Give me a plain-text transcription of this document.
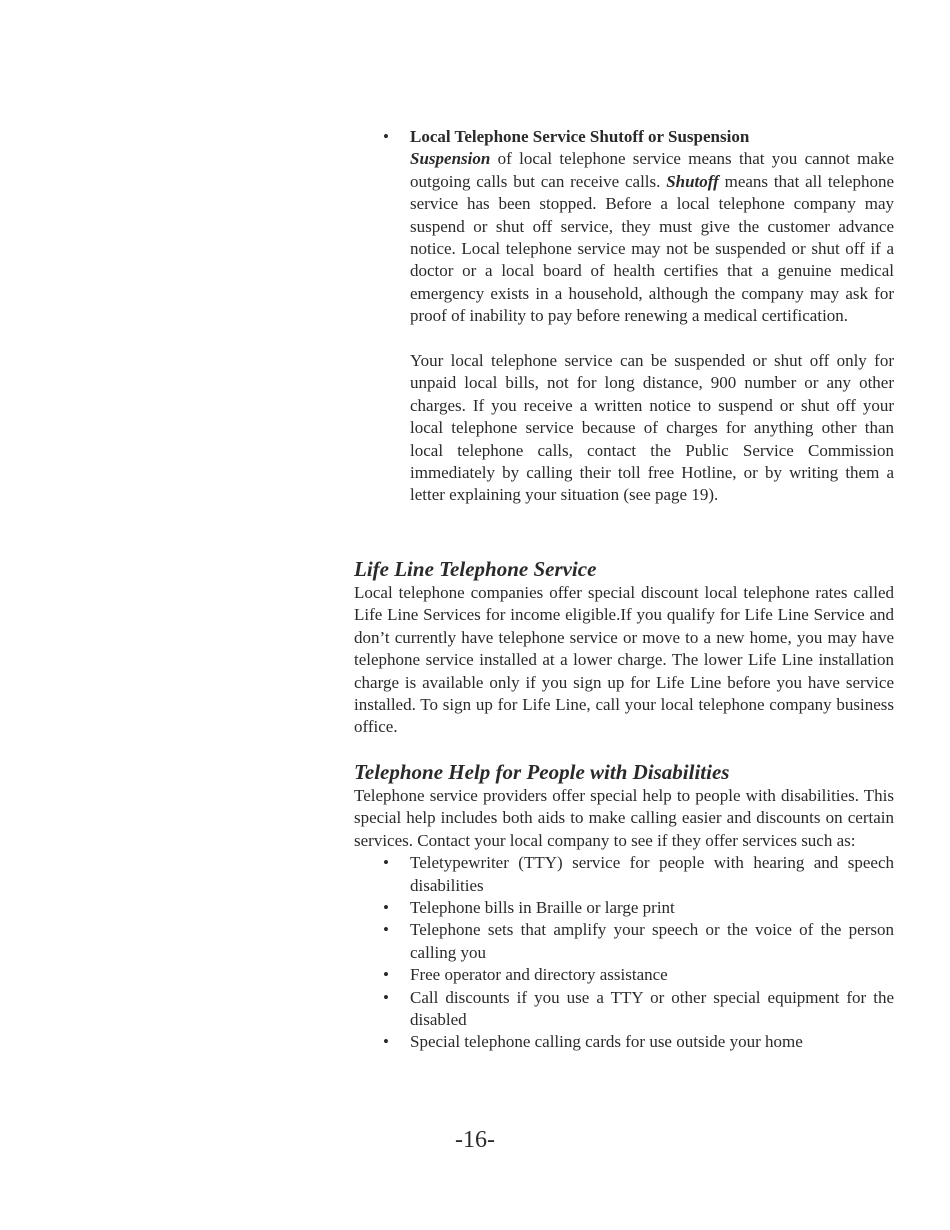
• Local Telephone Service Shutoff or Suspension

Suspension of local telephone service means that you cannot make outgoing calls but can receive calls. Shutoff means that all telephone service has been stopped. Before a local telephone company may suspend or shut off service, they must give the customer advance notice. Local telephone service may not be suspended or shut off if a doctor or a local board of health certifies that a genuine medical emergency exists in a household, although the company may ask for proof of inability to pay before renewing a medical certification.

Your local telephone service can be suspended or shut off only for unpaid local bills, not for long distance, 900 number or any other charges. If you receive a written notice to suspend or shut off your local telephone service because of charges for anything other than local telephone calls, contact the Public Service Commission immediately by calling their toll free Hotline, or by writing them a letter explaining your situation (see page 19).

Life Line Telephone Service

Local telephone companies offer special discount local telephone rates called Life Line Services for income eligible.If you qualify for Life Line Service and don’t currently have telephone service or move to a new home, you may have telephone service installed at a lower charge. The lower Life Line installation charge is available only if you sign up for Life Line before you have service installed. To sign up for Life Line, call your local telephone company business office.

Telephone Help for People with Disabilities

Telephone service providers offer special help to people with disabilities. This special help includes both aids to make calling easier and discounts on certain services. Contact your local company to see if they offer services such as:

• Teletypewriter (TTY) service for people with hearing and speech disabilities
• Telephone bills in Braille or large print
• Telephone sets that amplify your speech or the voice of the person calling you
• Free operator and directory assistance
• Call discounts if you use a TTY or other special equipment for the disabled
• Special telephone calling cards for use outside your home
-16-
